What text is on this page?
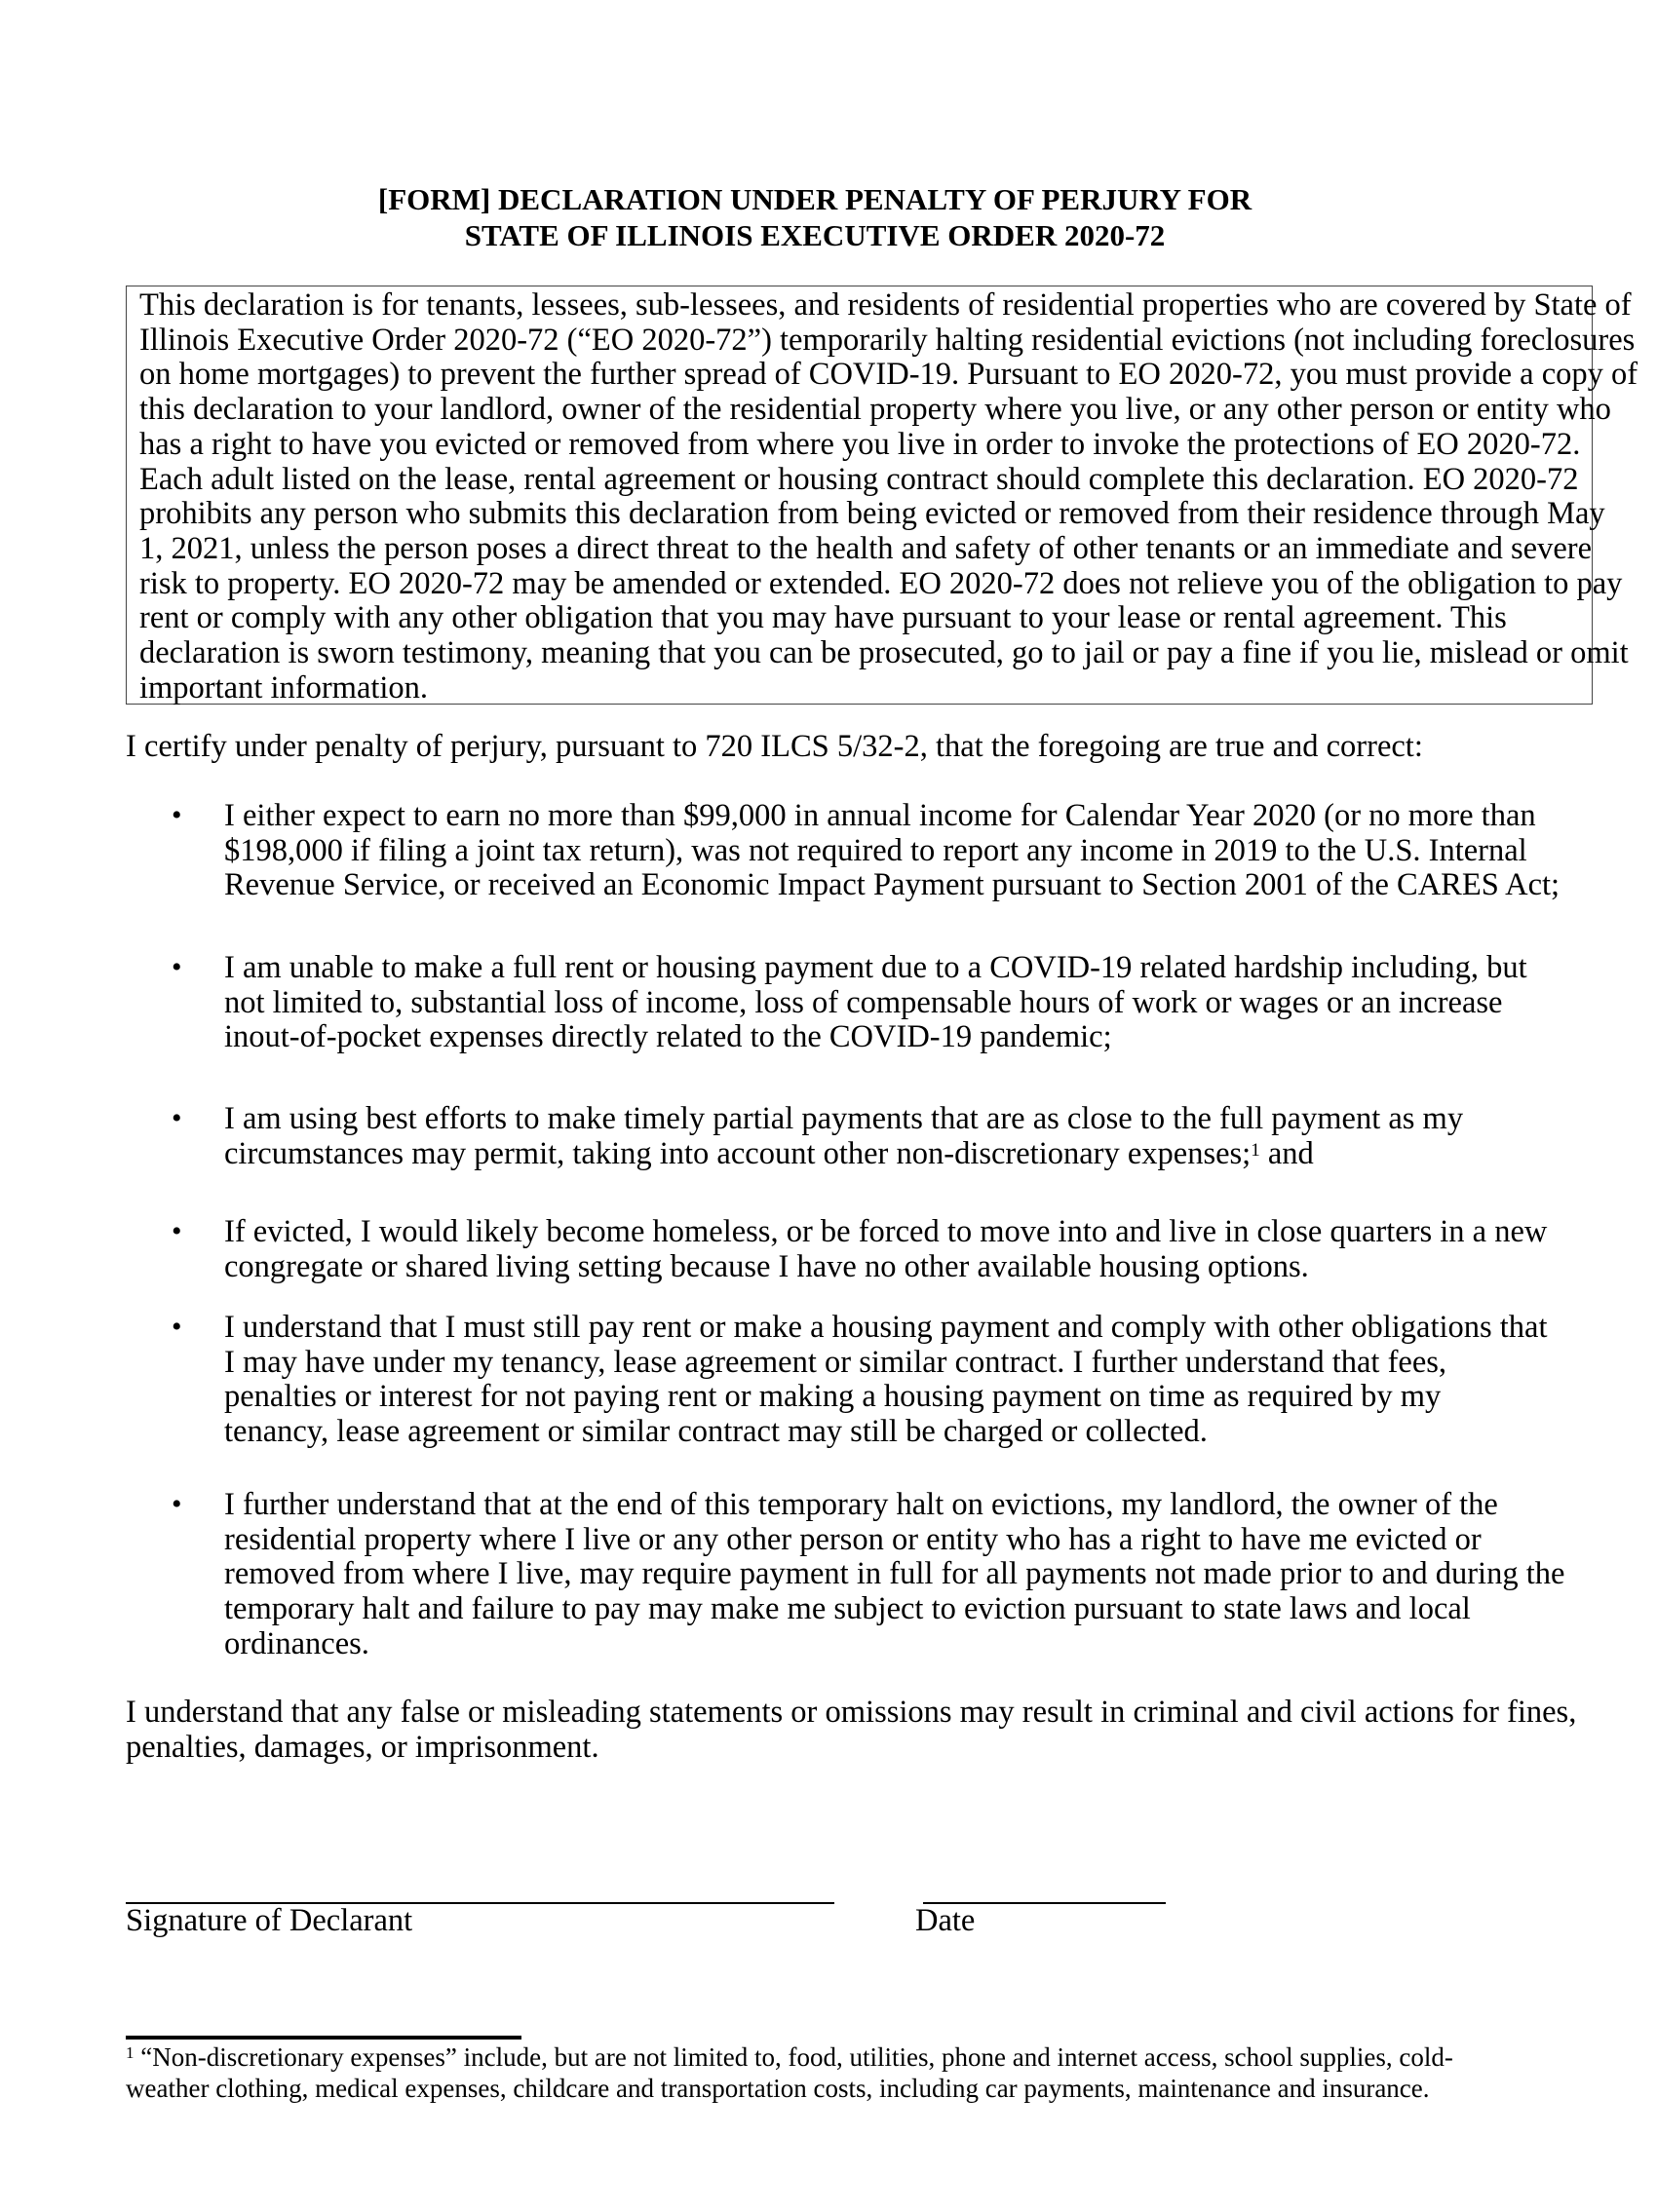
[FORM] DECLARATION UNDER PENALTY OF PERJURY FOR
STATE OF ILLINOIS EXECUTIVE ORDER 2020-72
This declaration is for tenants, lessees, sub-lessees, and residents of residential properties who are covered by State of
Illinois Executive Order 2020-72 (“EO 2020-72”) temporarily halting residential evictions (not including foreclosures
on home mortgages) to prevent the further spread of COVID-19. Pursuant to EO 2020-72, you must provide a copy of
this declaration to your landlord, owner of the residential property where you live, or any other person or entity who
has a right to have you evicted or removed from where you live in order to invoke the protections of EO 2020-72.
Each adult listed on the lease, rental agreement or housing contract should complete this declaration. EO 2020-72
prohibits any person who submits this declaration from being evicted or removed from their residence through May
1, 2021, unless the person poses a direct threat to the health and safety of other tenants or an immediate and severe
risk to property. EO 2020-72 may be amended or extended. EO 2020-72 does not relieve you of the obligation to pay
rent or comply with any other obligation that you may have pursuant to your lease or rental agreement. This
declaration is sworn testimony, meaning that you can be prosecuted, go to jail or pay a fine if you lie, mislead or omit
important information.
I certify under penalty of perjury, pursuant to 720 ILCS 5/32-2, that the foregoing are true and correct:
• I either expect to earn no more than $99,000 in annual income for Calendar Year 2020 (or no more than
$198,000 if filing a joint tax return), was not required to report any income in 2019 to the U.S. Internal
Revenue Service, or received an Economic Impact Payment pursuant to Section 2001 of the CARES Act;
• I am unable to make a full rent or housing payment due to a COVID-19 related hardship including, but
not limited to, substantial loss of income, loss of compensable hours of work or wages or an increase
inout-of-pocket expenses directly related to the COVID-19 pandemic;
• I am using best efforts to make timely partial payments that are as close to the full payment as my
circumstances may permit, taking into account other non-discretionary expenses;$^1$ and
• If evicted, I would likely become homeless, or be forced to move into and live in close quarters in a new
congregate or shared living setting because I have no other available housing options.
• I understand that I must still pay rent or make a housing payment and comply with other obligations that
I may have under my tenancy, lease agreement or similar contract. I further understand that fees,
penalties or interest for not paying rent or making a housing payment on time as required by my
tenancy, lease agreement or similar contract may still be charged or collected.
• I further understand that at the end of this temporary halt on evictions, my landlord, the owner of the
residential property where I live or any other person or entity who has a right to have me evicted or
removed from where I live, may require payment in full for all payments not made prior to and during the
temporary halt and failure to pay may make me subject to eviction pursuant to state laws and local
ordinances.
I understand that any false or misleading statements or omissions may result in criminal and civil actions for fines,
penalties, damages, or imprisonment.
Signature of Declarant	Date
$^1$ “Non-discretionary expenses” include, but are not limited to, food, utilities, phone and internet access, school supplies, cold-
weather clothing, medical expenses, childcare and transportation costs, including car payments, maintenance and insurance.
